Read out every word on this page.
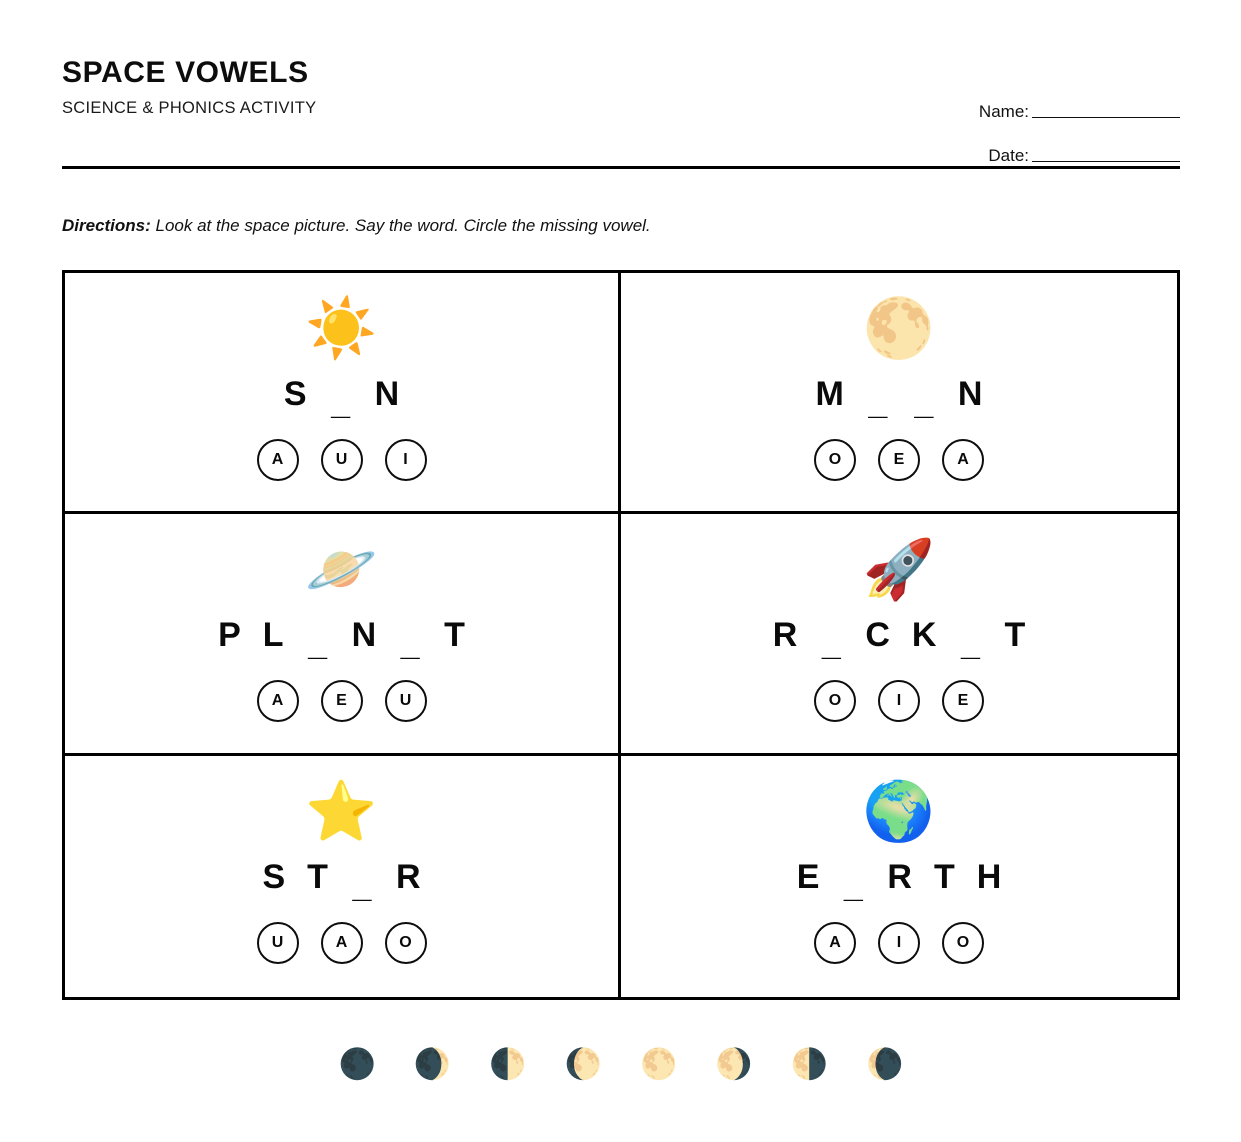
SPACE VOWELS

SCIENCE & PHONICS ACTIVITY	Name:
Date:
Directions: Look at the space picture. Say the word. Circle the missing vowel.
☀️
S _ N
A	U	I
🌕
M _ _ N
O	E	A
🪐
P L _ N _ T
A	E	U
🚀
R _ C K _ T
O	I	E
⭐
S T _ R
U	A	O
🌍
E _ R T H
A	I	O
🌑 🌒 🌓 🌔 🌕 🌖 🌗 🌘
